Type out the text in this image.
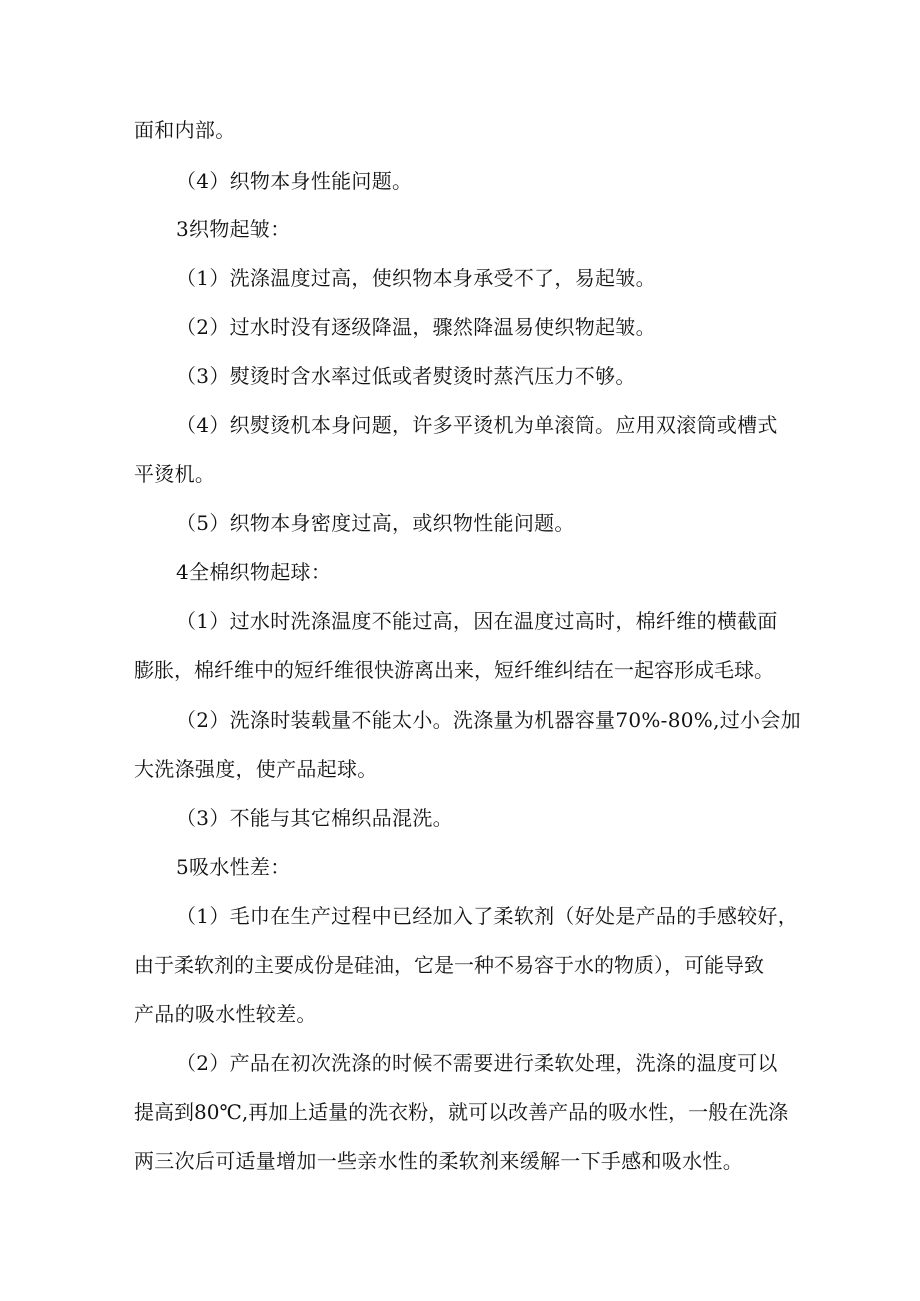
面和内部。
（4）织物本身性能问题。
3织物起皱：
（1）洗涤温度过高，使织物本身承受不了，易起皱。
（2）过水时没有逐级降温，骤然降温易使织物起皱。
（3）熨烫时含水率过低或者熨烫时蒸汽压力不够。
（4）织熨烫机本身问题，许多平烫机为单滚筒。应用双滚筒或槽式
平烫机。
（5）织物本身密度过高，或织物性能问题。
4全棉织物起球：
（1）过水时洗涤温度不能过高，因在温度过高时，棉纤维的横截面
膨胀，棉纤维中的短纤维很快游离出来，短纤维纠结在一起容形成毛球。
（2）洗涤时装载量不能太小。洗涤量为机器容量70%-80%,过小会加
大洗涤强度，使产品起球。
（3）不能与其它棉织品混洗。
5吸水性差：
（1）毛巾在生产过程中已经加入了柔软剂（好处是产品的手感较好，
由于柔软剂的主要成份是硅油，它是一种不易容于水的物质），可能导致
产品的吸水性较差。
（2）产品在初次洗涤的时候不需要进行柔软处理，洗涤的温度可以
提高到80℃,再加上适量的洗衣粉，就可以改善产品的吸水性，一般在洗涤
两三次后可适量增加一些亲水性的柔软剂来缓解一下手感和吸水性。
